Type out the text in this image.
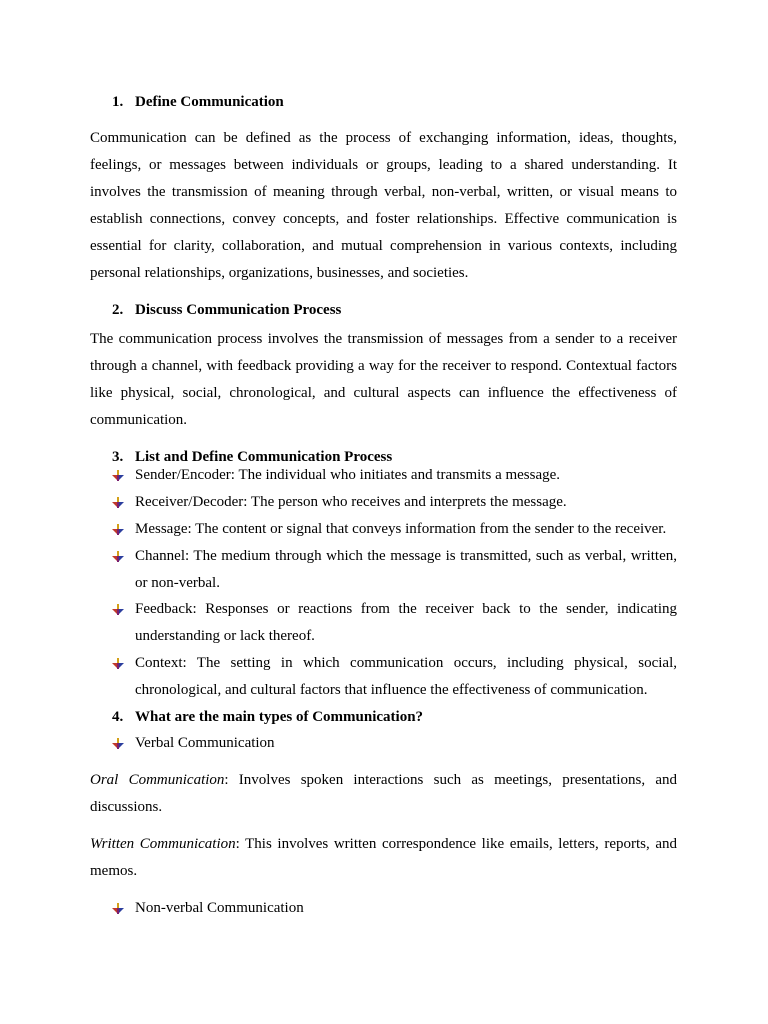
1. Define Communication
Communication can be defined as the process of exchanging information, ideas, thoughts, feelings, or messages between individuals or groups, leading to a shared understanding. It involves the transmission of meaning through verbal, non-verbal, written, or visual means to establish connections, convey concepts, and foster relationships. Effective communication is essential for clarity, collaboration, and mutual comprehension in various contexts, including personal relationships, organizations, businesses, and societies.
2. Discuss Communication Process
The communication process involves the transmission of messages from a sender to a receiver through a channel, with feedback providing a way for the receiver to respond. Contextual factors like physical, social, chronological, and cultural aspects can influence the effectiveness of communication.
3. List and Define Communication Process
Sender/Encoder: The individual who initiates and transmits a message.
Receiver/Decoder: The person who receives and interprets the message.
Message: The content or signal that conveys information from the sender to the receiver.
Channel: The medium through which the message is transmitted, such as verbal, written, or non-verbal.
Feedback: Responses or reactions from the receiver back to the sender, indicating understanding or lack thereof.
Context: The setting in which communication occurs, including physical, social, chronological, and cultural factors that influence the effectiveness of communication.
4. What are the main types of Communication?
Verbal Communication
Oral Communication: Involves spoken interactions such as meetings, presentations, and discussions.
Written Communication: This involves written correspondence like emails, letters, reports, and memos.
Non-verbal Communication
